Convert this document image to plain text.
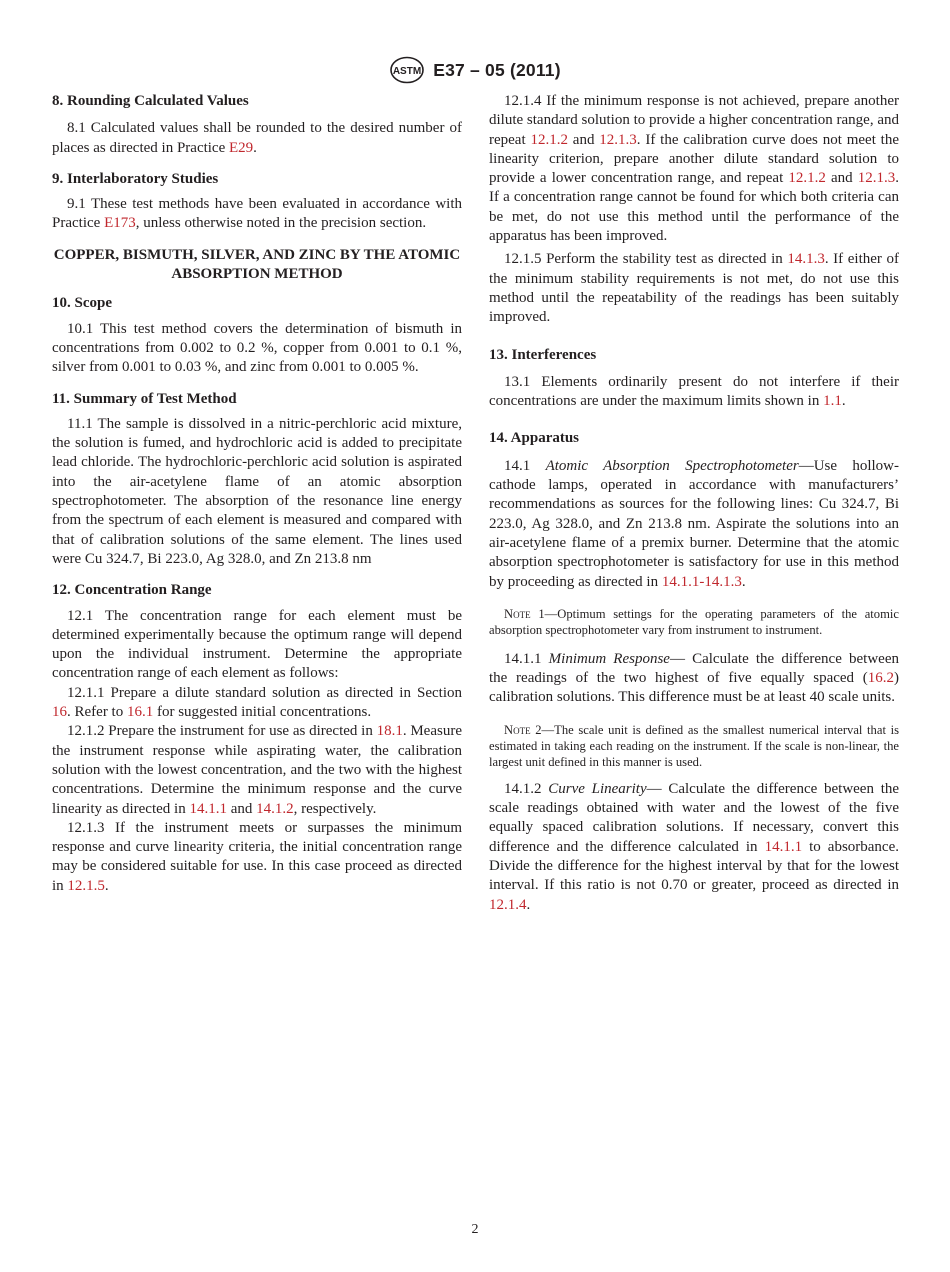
ASTM E37 – 05 (2011)
8. Rounding Calculated Values

8.1 Calculated values shall be rounded to the desired number of places as directed in Practice E29.

9. Interlaboratory Studies

9.1 These test methods have been evaluated in accordance with Practice E173, unless otherwise noted in the precision section.

COPPER, BISMUTH, SILVER, AND ZINC BY THE ATOMIC ABSORPTION METHOD
10. Scope

10.1 This test method covers the determination of bismuth in concentrations from 0.002 to 0.2 %, copper from 0.001 to 0.1 %, silver from 0.001 to 0.03 %, and zinc from 0.001 to 0.005 %.

11. Summary of Test Method

11.1 The sample is dissolved in a nitric-perchloric acid mixture, the solution is fumed, and hydrochloric acid is added to precipitate lead chloride. The hydrochloric-perchloric acid solution is aspirated into the air-acetylene flame of an atomic absorption spectrophotometer. The absorption of the resonance line energy from the spectrum of each element is measured and compared with that of calibration solutions of the same element. The lines used were Cu 324.7, Bi 223.0, Ag 328.0, and Zn 213.8 nm

12. Concentration Range

12.1 The concentration range for each element must be determined experimentally because the optimum range will depend upon the individual instrument. Determine the appropriate concentration range of each element as follows:

12.1.1 Prepare a dilute standard solution as directed in Section 16. Refer to 16.1 for suggested initial concentrations.

12.1.2 Prepare the instrument for use as directed in 18.1. Measure the instrument response while aspirating water, the calibration solution with the lowest concentration, and the two with the highest concentrations. Determine the minimum response and the curve linearity as directed in 14.1.1 and 14.1.2, respectively.

12.1.3 If the instrument meets or surpasses the minimum response and curve linearity criteria, the initial concentration range may be considered suitable for use. In this case proceed as directed in 12.1.5.

12.1.4 If the minimum response is not achieved, prepare another dilute standard solution to provide a higher concentration range, and repeat 12.1.2 and 12.1.3. If the calibration curve does not meet the linearity criterion, prepare another dilute standard solution to provide a lower concentration range, and repeat 12.1.2 and 12.1.3. If a concentration range cannot be found for which both criteria can be met, do not use this method until the performance of the apparatus has been improved.

12.1.5 Perform the stability test as directed in 14.1.3. If either of the minimum stability requirements is not met, do not use this method until the repeatability of the readings has been suitably improved.

13. Interferences

13.1 Elements ordinarily present do not interfere if their concentrations are under the maximum limits shown in 1.1.

14. Apparatus

14.1 Atomic Absorption Spectrophotometer—Use hollow-cathode lamps, operated in accordance with manufacturers’ recommendations as sources for the following lines: Cu 324.7, Bi 223.0, Ag 328.0, and Zn 213.8 nm. Aspirate the solutions into an air-acetylene flame of a premix burner. Determine that the atomic absorption spectrophotometer is satisfactory for use in this method by proceeding as directed in 14.1.1-14.1.3.

Note 1—Optimum settings for the operating parameters of the atomic absorption spectrophotometer vary from instrument to instrument.

14.1.1 Minimum Response— Calculate the difference between the readings of the two highest of five equally spaced (16.2) calibration solutions. This difference must be at least 40 scale units.

Note 2—The scale unit is defined as the smallest numerical interval that is estimated in taking each reading on the instrument. If the scale is non-linear, the largest unit defined in this manner is used.

14.1.2 Curve Linearity— Calculate the difference between the scale readings obtained with water and the lowest of the five equally spaced calibration solutions. If necessary, convert this difference and the difference calculated in 14.1.1 to absorbance. Divide the difference for the highest interval by that for the lowest interval. If this ratio is not 0.70 or greater, proceed as directed in 12.1.4.

2
